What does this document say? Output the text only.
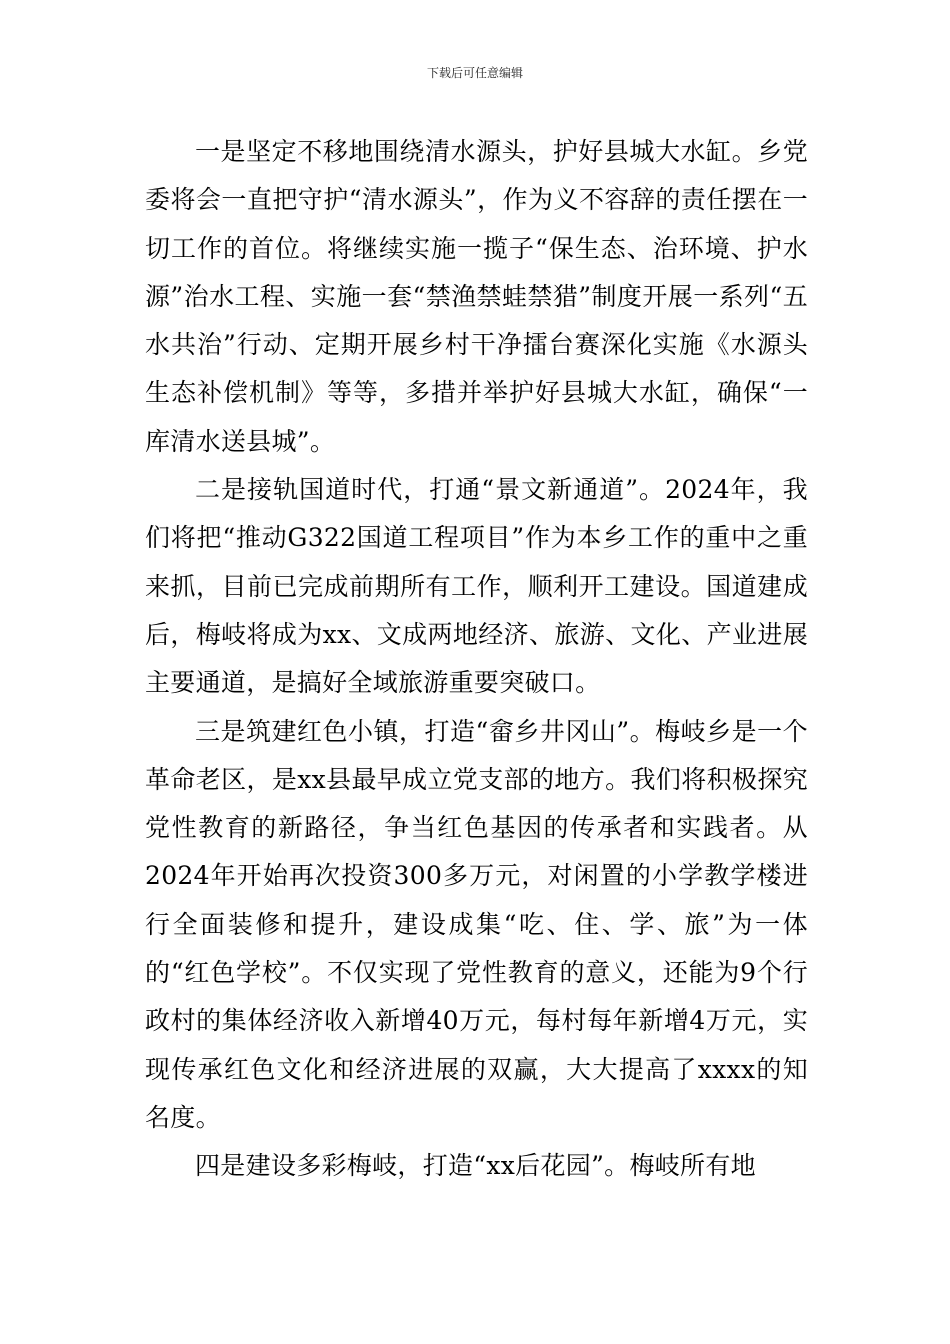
下载后可任意编辑

一是坚定不移地围绕清水源头，护好县城大水缸。乡党委将会一直把守护“清水源头”，作为义不容辞的责任摆在一切工作的首位。将继续实施一揽子“保生态、治环境、护水源”治水工程、实施一套“禁渔禁蛙禁猎”制度开展一系列“五水共治”行动、定期开展乡村干净擂台赛深化实施《水源头生态补偿机制》等等，多措并举护好县城大水缸，确保“一库清水送县城”。

二是接轨国道时代，打通“景文新通道”。2024年，我们将把“推动G322国道工程项目”作为本乡工作的重中之重来抓，目前已完成前期所有工作，顺利开工建设。国道建成后，梅岐将成为xx、文成两地经济、旅游、文化、产业进展主要通道，是搞好全域旅游重要突破口。

三是筑建红色小镇，打造“畲乡井冈山”。梅岐乡是一个革命老区，是xx县最早成立党支部的地方。我们将积极探究党性教育的新路径，争当红色基因的传承者和实践者。从2024年开始再次投资300多万元，对闲置的小学教学楼进行全面装修和提升，建设成集“吃、住、学、旅”为一体的“红色学校”。不仅实现了党性教育的意义，还能为9个行政村的集体经济收入新增40万元，每村每年新增4万元，实现传承红色文化和经济进展的双赢，大大提高了xxxx的知名度。

四是建设多彩梅岐，打造“xx后花园”。梅岐所有地
